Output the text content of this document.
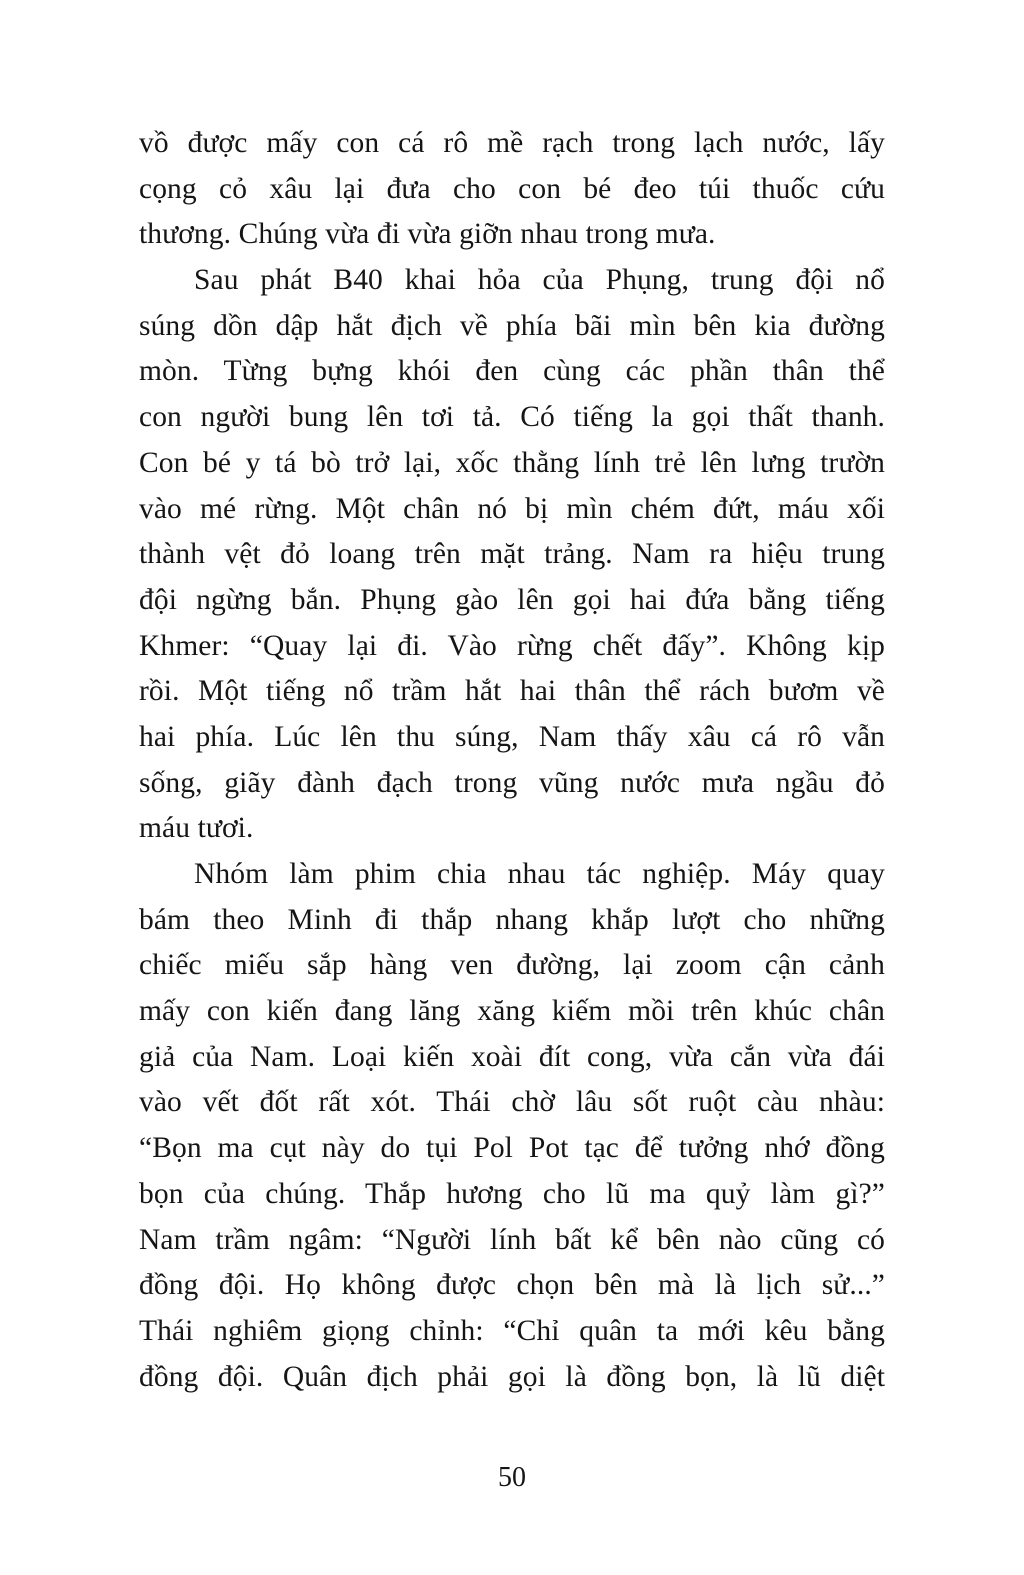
vồ được mấy con cá rô mề rạch trong lạch nước, lấy
cọng cỏ xâu lại đưa cho con bé đeo túi thuốc cứu
thương. Chúng vừa đi vừa giỡn nhau trong mưa.
Sau phát B40 khai hỏa của Phụng, trung đội nổ
súng dồn dập hắt địch về phía bãi mìn bên kia đường
mòn. Từng bựng khói đen cùng các phần thân thể
con người bung lên tơi tả. Có tiếng la gọi thất thanh.
Con bé y tá bò trở lại, xốc thằng lính trẻ lên lưng trườn
vào mé rừng. Một chân nó bị mìn chém đứt, máu xối
thành vệt đỏ loang trên mặt trảng. Nam ra hiệu trung
đội ngừng bắn. Phụng gào lên gọi hai đứa bằng tiếng
Khmer: “Quay lại đi. Vào rừng chết đấy”. Không kịp
rồi. Một tiếng nổ trầm hắt hai thân thể rách bươm về
hai phía. Lúc lên thu súng, Nam thấy xâu cá rô vẫn
sống, giãy đành đạch trong vũng nước mưa ngầu đỏ
máu tươi.
Nhóm làm phim chia nhau tác nghiệp. Máy quay
bám theo Minh đi thắp nhang khắp lượt cho những
chiếc miếu sắp hàng ven đường, lại zoom cận cảnh
mấy con kiến đang lăng xăng kiếm mồi trên khúc chân
giả của Nam. Loại kiến xoài đít cong, vừa cắn vừa đái
vào vết đốt rất xót. Thái chờ lâu sốt ruột càu nhàu:
“Bọn ma cụt này do tụi Pol Pot tạc để tưởng nhớ đồng
bọn của chúng. Thắp hương cho lũ ma quỷ làm gì?”
Nam trầm ngâm: “Người lính bất kể bên nào cũng có
đồng đội. Họ không được chọn bên mà là lịch sử...”
Thái nghiêm giọng chỉnh: “Chỉ quân ta mới kêu bằng
đồng đội. Quân địch phải gọi là đồng bọn, là lũ diệt
50
